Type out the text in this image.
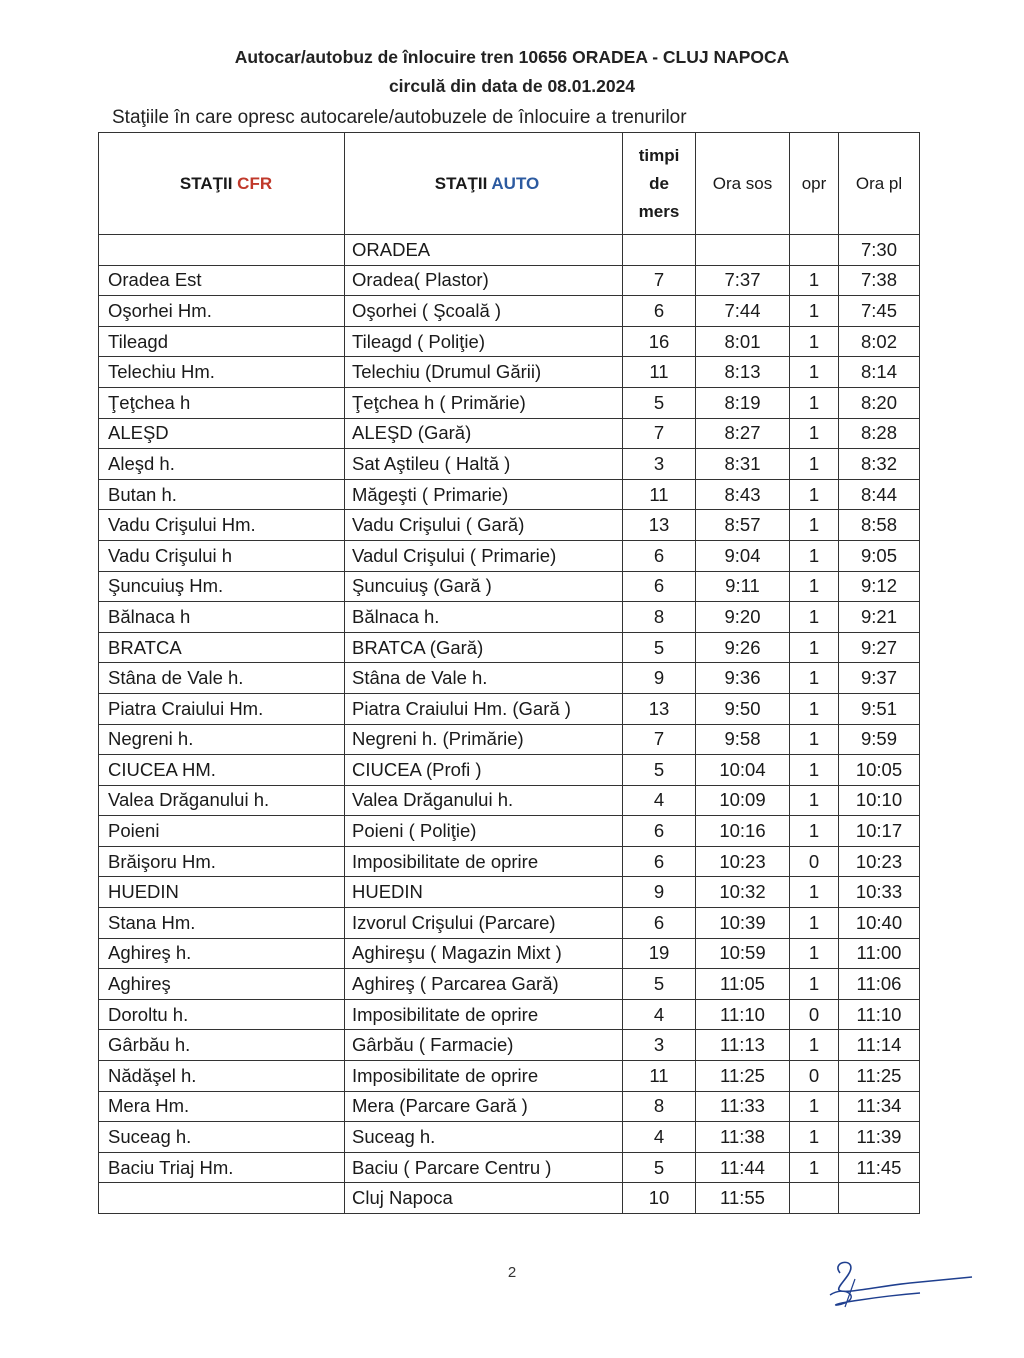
Autocar/autobuz de înlocuire tren 10656 ORADEA - CLUJ NAPOCA
circulă din data de 08.01.2024
Staţiile în care opresc autocarele/autobuzele de înlocuire a trenurilor
STAŢII CFR	STAŢII AUTO	timpi
de
mers	Ora sos	opr	Ora pl
	ORADEA				7:30
Oradea Est	Oradea( Plastor)	7	7:37	1	7:38
Oşorhei Hm.	Oşorhei ( Şcoală )	6	7:44	1	7:45
Tileagd	Tileagd ( Poliţie)	16	8:01	1	8:02
Telechiu Hm.	Telechiu (Drumul Gării)	11	8:13	1	8:14
Ţeţchea h	Ţeţchea h ( Primărie)	5	8:19	1	8:20
ALEŞD	ALEŞD (Gară)	7	8:27	1	8:28
Aleşd h.	Sat Aştileu ( Haltă )	3	8:31	1	8:32
Butan h.	Măgeşti ( Primarie)	11	8:43	1	8:44
Vadu Crişului Hm.	Vadu Crişului ( Gară)	13	8:57	1	8:58
Vadu Crişului h	Vadul Crişului ( Primarie)	6	9:04	1	9:05
Şuncuiuş Hm.	Şuncuiuş (Gară )	6	9:11	1	9:12
Bălnaca h	Bălnaca h.	8	9:20	1	9:21
BRATCA	BRATCA (Gară)	5	9:26	1	9:27
Stâna de Vale h.	Stâna de Vale h.	9	9:36	1	9:37
Piatra Craiului Hm.	Piatra Craiului Hm. (Gară )	13	9:50	1	9:51
Negreni h.	Negreni h. (Primărie)	7	9:58	1	9:59
CIUCEA HM.	CIUCEA (Profi )	5	10:04	1	10:05
Valea Drăganului h.	Valea Drăganului h.	4	10:09	1	10:10
Poieni	Poieni ( Poliţie)	6	10:16	1	10:17
Brăişoru Hm.	Imposibilitate de oprire	6	10:23	0	10:23
HUEDIN	HUEDIN	9	10:32	1	10:33
Stana Hm.	Izvorul Crişului (Parcare)	6	10:39	1	10:40
Aghireş h.	Aghireşu ( Magazin Mixt )	19	10:59	1	11:00
Aghireş	Aghireş ( Parcarea Gară)	5	11:05	1	11:06
Doroltu h.	Imposibilitate de oprire	4	11:10	0	11:10
Gârbău h.	Gârbău ( Farmacie)	3	11:13	1	11:14
Nădăşel h.	Imposibilitate de oprire	11	11:25	0	11:25
Mera Hm.	Mera (Parcare Gară )	8	11:33	1	11:34
Suceag h.	Suceag h.	4	11:38	1	11:39
Baciu Triaj Hm.	Baciu ( Parcare Centru )	5	11:44	1	11:45
	Cluj Napoca	10	11:55		
2
